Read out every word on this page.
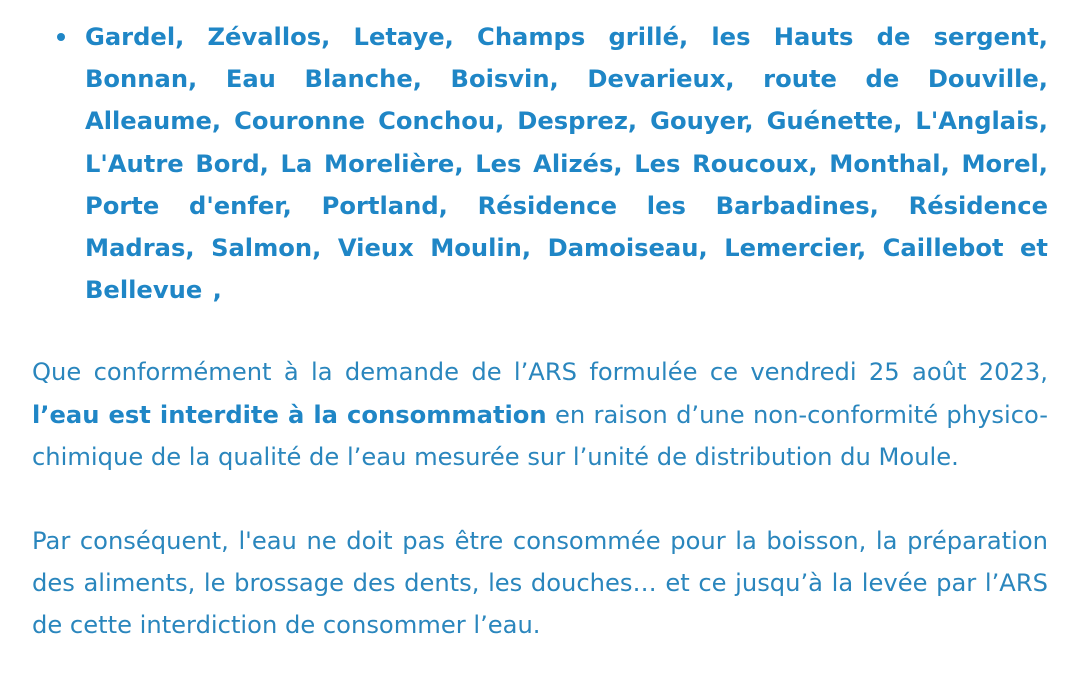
Gardel, Zévallos, Letaye, Champs grillé, les Hauts de sergent, Bonnan, Eau Blanche, Boisvin, Devarieux, route de Douville, Alleaume, Couronne Conchou, Desprez, Gouyer, Guénette, L'Anglais, L'Autre Bord, La Morelière, Les Alizés, Les Roucoux, Monthal, Morel, Porte d'enfer, Portland, Résidence les Barbadines, Résidence Madras, Salmon, Vieux Moulin, Damoiseau, Lemercier, Caillebot et Bellevue ,

Que conformément à la demande de l’ARS formulée ce vendredi 25 août 2023, l’eau est interdite à la consommation en raison d’une non-conformité physico-chimique de la qualité de l’eau mesurée sur l’unité de distribution du Moule.

Par conséquent, l'eau ne doit pas être consommée pour la boisson, la préparation des aliments, le brossage des dents, les douches… et ce jusqu’à la levée par l’ARS de cette interdiction de consommer l’eau.
